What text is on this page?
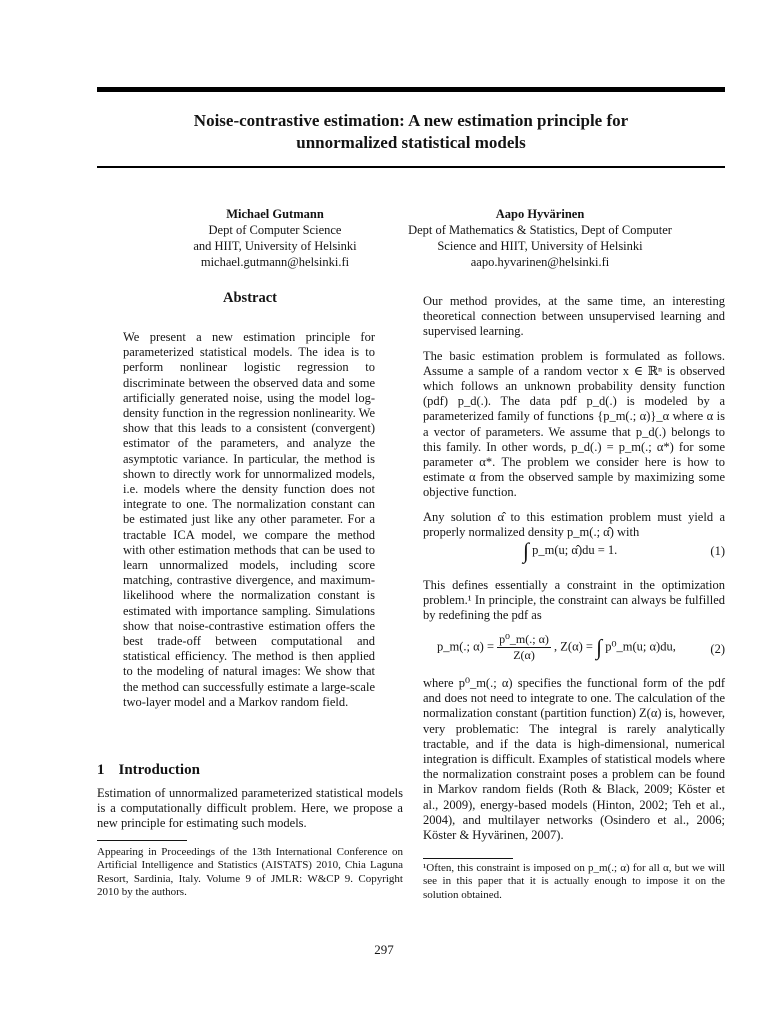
Noise-contrastive estimation: A new estimation principle for
unnormalized statistical models
Michael Gutmann
Dept of Computer Science
and HIIT, University of Helsinki
michael.gutmann@helsinki.fi
Aapo Hyvärinen
Dept of Mathematics & Statistics, Dept of Computer
Science and HIIT, University of Helsinki
aapo.hyvarinen@helsinki.fi
Abstract
We present a new estimation principle for parameterized statistical models. The idea is to perform nonlinear logistic regression to discriminate between the observed data and some artificially generated noise, using the model log-density function in the regression nonlinearity. We show that this leads to a consistent (convergent) estimator of the parameters, and analyze the asymptotic variance. In particular, the method is shown to directly work for unnormalized models, i.e. models where the density function does not integrate to one. The normalization constant can be estimated just like any other parameter. For a tractable ICA model, we compare the method with other estimation methods that can be used to learn unnormalized models, including score matching, contrastive divergence, and maximum-likelihood where the normalization constant is estimated with importance sampling. Simulations show that noise-contrastive estimation offers the best trade-off between computational and statistical efficiency. The method is then applied to the modeling of natural images: We show that the method can successfully estimate a large-scale two-layer model and a Markov random field.
1 Introduction
Estimation of unnormalized parameterized statistical models is a computationally difficult problem. Here, we propose a new principle for estimating such models.
Appearing in Proceedings of the 13th International Conference on Artificial Intelligence and Statistics (AISTATS) 2010, Chia Laguna Resort, Sardinia, Italy. Volume 9 of JMLR: W&CP 9. Copyright 2010 by the authors.

Our method provides, at the same time, an interesting theoretical connection between unsupervised learning and supervised learning.

The basic estimation problem is formulated as follows. Assume a sample of a random vector x ∈ ℝⁿ is observed which follows an unknown probability density function (pdf) p_d(.). The data pdf p_d(.) is modeled by a parameterized family of functions {p_m(.; α)}_α where α is a vector of parameters. We assume that p_d(.) belongs to this family. In other words, p_d(.) = p_m(.; α*) for some parameter α*. The problem we consider here is how to estimate α from the observed sample by maximizing some objective function.

Any solution α̂ to this estimation problem must yield a properly normalized density p_m(.; α̂) with

∫ p_m(u; α̂)du = 1.	(1)

This defines essentially a constraint in the optimization problem.¹ In principle, the constraint can always be fulfilled by redefining the pdf as

p_m(.; $\alpha) = \frac{\text{p⁰\_m(.; α)}}{Z(\alpha)}$ , Z(α) = ∫ p⁰_m(u; α)du,	(2)

where p⁰_m(.; α) specifies the functional form of the pdf and does not need to integrate to one. The calculation of the normalization constant (partition function) Z(α) is, however, very problematic: The integral is rarely analytically tractable, and if the data is high-dimensional, numerical integration is difficult. Examples of statistical models where the normalization constraint poses a problem can be found in Markov random fields (Roth & Black, 2009; Köster et al., 2009), energy-based models (Hinton, 2002; Teh et al., 2004), and multilayer networks (Osindero et al., 2006; Köster & Hyvärinen, 2007).

¹Often, this constraint is imposed on p_m(.; α) for all α, but we will see in this paper that it is actually enough to impose it on the solution obtained.
297
